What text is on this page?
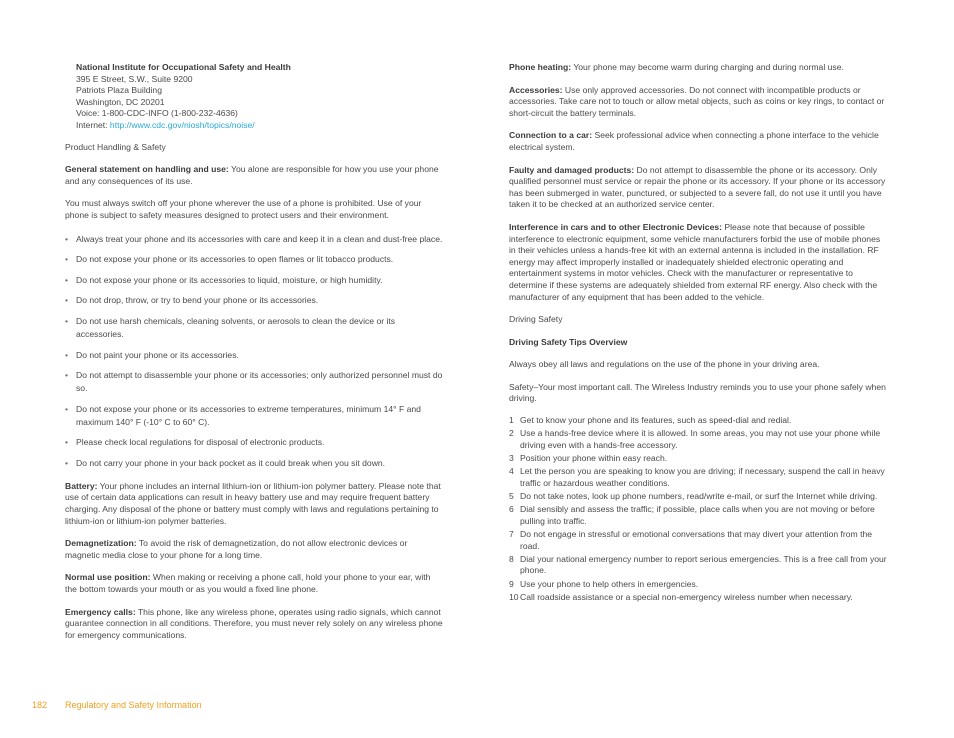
National Institute for Occupational Safety and Health
395 E Street, S.W., Suite 9200
Patriots Plaza Building
Washington, DC 20201
Voice: 1-800-CDC-INFO (1-800-232-4636)
Internet: http://www.cdc.gov/niosh/topics/noise/
Product Handling & Safety
General statement on handling and use: You alone are responsible for how you use your phone and any consequences of its use.
You must always switch off your phone wherever the use of a phone is prohibited. Use of your phone is subject to safety measures designed to protect users and their environment.
• Always treat your phone and its accessories with care and keep it in a clean and dust-free place.
• Do not expose your phone or its accessories to open flames or lit tobacco products.
• Do not expose your phone or its accessories to liquid, moisture, or high humidity.
• Do not drop, throw, or try to bend your phone or its accessories.
• Do not use harsh chemicals, cleaning solvents, or aerosols to clean the device or its accessories.
• Do not paint your phone or its accessories.
• Do not attempt to disassemble your phone or its accessories; only authorized personnel must do so.
• Do not expose your phone or its accessories to extreme temperatures, minimum 14° F and maximum 140° F (-10° C to 60° C).
• Please check local regulations for disposal of electronic products.
• Do not carry your phone in your back pocket as it could break when you sit down.
Battery: Your phone includes an internal lithium-ion or lithium-ion polymer battery. Please note that use of certain data applications can result in heavy battery use and may require frequent battery charging. Any disposal of the phone or battery must comply with laws and regulations pertaining to lithium-ion or lithium-ion polymer batteries.
Demagnetization: To avoid the risk of demagnetization, do not allow electronic devices or magnetic media close to your phone for a long time.
Normal use position: When making or receiving a phone call, hold your phone to your ear, with the bottom towards your mouth or as you would a fixed line phone.
Emergency calls: This phone, like any wireless phone, operates using radio signals, which cannot guarantee connection in all conditions. Therefore, you must never rely solely on any wireless phone for emergency communications.
Phone heating: Your phone may become warm during charging and during normal use.
Accessories: Use only approved accessories. Do not connect with incompatible products or accessories. Take care not to touch or allow metal objects, such as coins or key rings, to contact or short-circuit the battery terminals.
Connection to a car: Seek professional advice when connecting a phone interface to the vehicle electrical system.
Faulty and damaged products: Do not attempt to disassemble the phone or its accessory. Only qualified personnel must service or repair the phone or its accessory. If your phone or its accessory has been submerged in water, punctured, or subjected to a severe fall, do not use it until you have taken it to be checked at an authorized service center.
Interference in cars and to other Electronic Devices: Please note that because of possible interference to electronic equipment, some vehicle manufacturers forbid the use of mobile phones in their vehicles unless a hands-free kit with an external antenna is included in the installation. RF energy may affect improperly installed or inadequately shielded electronic operating and entertainment systems in motor vehicles. Check with the manufacturer or representative to determine if these systems are adequately shielded from external RF energy. Also check with the manufacturer of any equipment that has been added to the vehicle.
Driving Safety
Driving Safety Tips Overview
Always obey all laws and regulations on the use of the phone in your driving area.
Safety–Your most important call. The Wireless Industry reminds you to use your phone safely when driving.
1 Get to know your phone and its features, such as speed-dial and redial.
2 Use a hands-free device where it is allowed. In some areas, you may not use your phone while driving even with a hands-free accessory.
3 Position your phone within easy reach.
4 Let the person you are speaking to know you are driving; if necessary, suspend the call in heavy traffic or hazardous weather conditions.
5 Do not take notes, look up phone numbers, read/write e-mail, or surf the Internet while driving.
6 Dial sensibly and assess the traffic; if possible, place calls when you are not moving or before pulling into traffic.
7 Do not engage in stressful or emotional conversations that may divert your attention from the road.
8 Dial your national emergency number to report serious emergencies. This is a free call from your phone.
9 Use your phone to help others in emergencies.
10 Call roadside assistance or a special non-emergency wireless number when necessary.
182 Regulatory and Safety Information
